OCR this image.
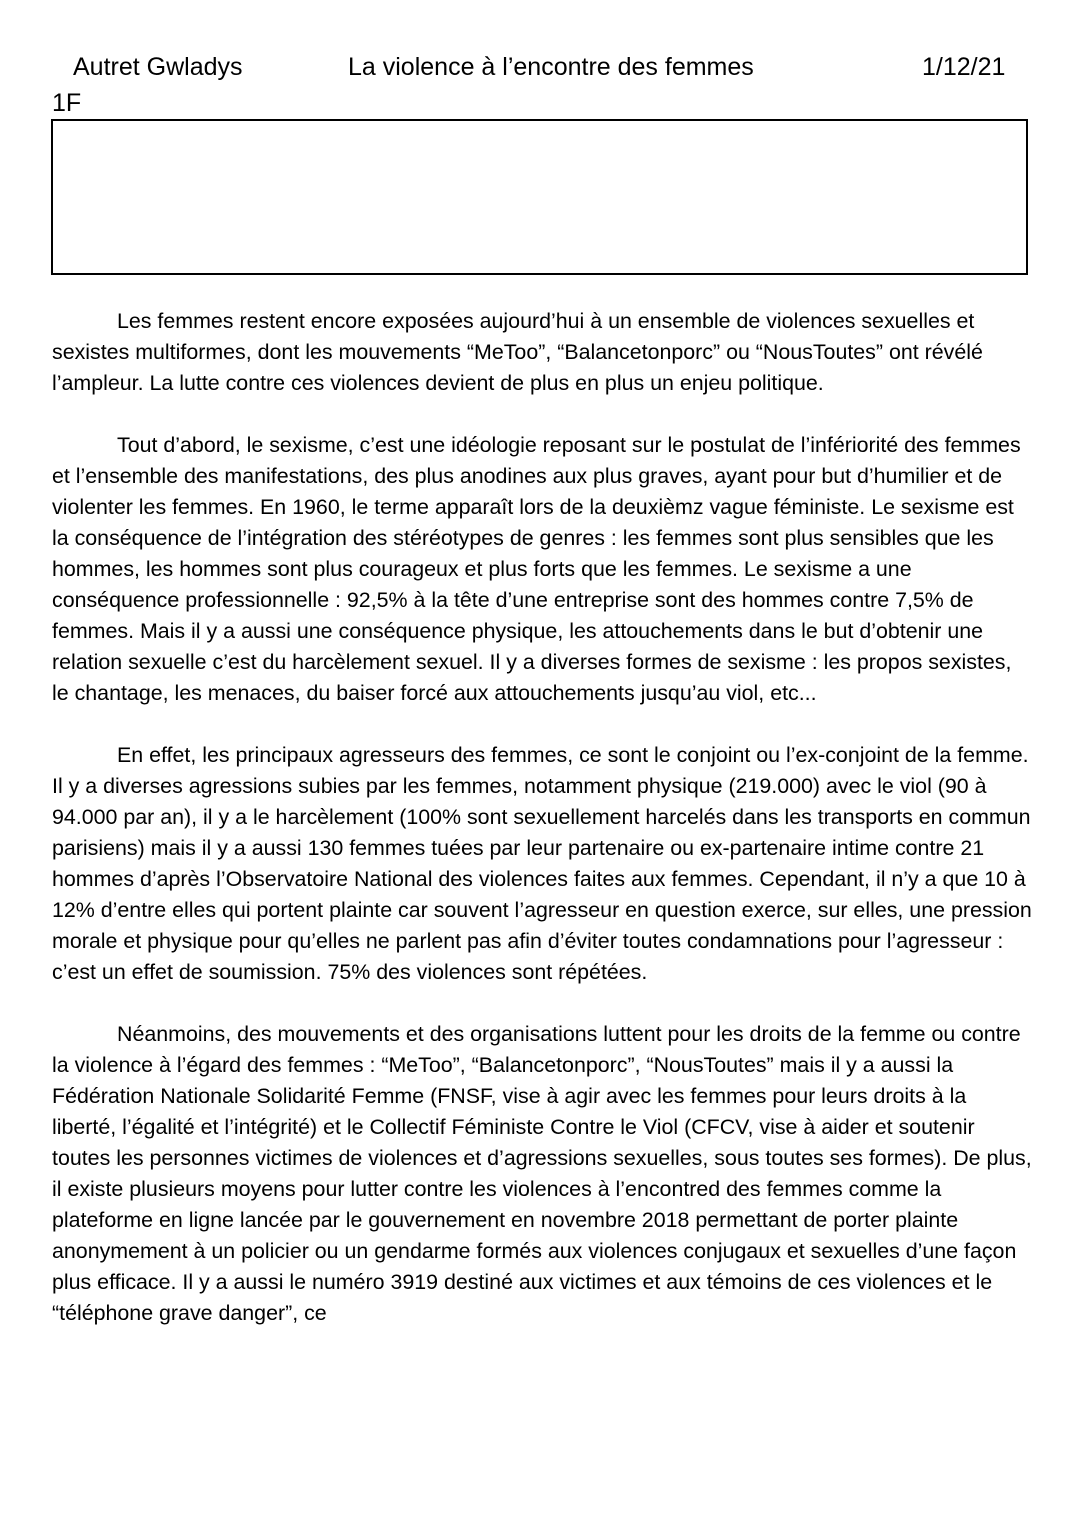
Autret Gwladys	La violence à l’encontre des femmes	1/12/21
1F

Les femmes restent encore exposées aujourd’hui à un ensemble de violences sexuelles et sexistes multiformes, dont les mouvements “MeToo”, “Balancetonporc” ou “NousToutes” ont révélé l’ampleur. La lutte contre ces violences devient de plus en plus un enjeu politique.

Tout d’abord, le sexisme, c’est une idéologie reposant sur le postulat de l’infériorité des femmes et l’ensemble des manifestations, des plus anodines aux plus graves, ayant pour but d’humilier et de violenter les femmes. En 1960, le terme apparaît lors de la deuxièmz vague féministe. Le sexisme est la conséquence de l’intégration des stéréotypes de genres : les femmes sont plus sensibles que les hommes, les hommes sont plus courageux et plus forts que les femmes. Le sexisme a une conséquence professionnelle : 92,5% à la tête d’une entreprise sont des hommes contre 7,5% de femmes. Mais il y a aussi une conséquence physique, les attouchements dans le but d’obtenir une relation sexuelle c’est du harcèlement sexuel. Il y a diverses formes de sexisme : les propos sexistes, le chantage, les menaces, du baiser forcé aux attouchements jusqu’au viol, etc...

En effet, les principaux agresseurs des femmes, ce sont le conjoint ou l’ex-conjoint de la femme. Il y a diverses agressions subies par les femmes, notamment physique (219.000) avec le viol (90 à 94.000 par an), il y a le harcèlement (100% sont sexuellement harcelés dans les transports en commun parisiens) mais il y a aussi 130 femmes tuées par leur partenaire ou ex-partenaire intime contre 21 hommes d’après l’Observatoire National des violences faites aux femmes. Cependant, il n’y a que 10 à 12% d’entre elles qui portent plainte car souvent l’agresseur en question exerce, sur elles, une pression morale et physique pour qu’elles ne parlent pas afin d’éviter toutes condamnations pour l’agresseur : c’est un effet de soumission. 75% des violences sont répétées.

Néanmoins, des mouvements et des organisations luttent pour les droits de la femme ou contre la violence à l’égard des femmes : “MeToo”, “Balancetonporc”, “NousToutes” mais il y a aussi la Fédération Nationale Solidarité Femme (FNSF, vise à agir avec les femmes pour leurs droits à la liberté, l’égalité et l’intégrité) et le Collectif Féministe Contre le Viol (CFCV, vise à aider et soutenir toutes les personnes victimes de violences et d’agressions sexuelles, sous toutes ses formes). De plus, il existe plusieurs moyens pour lutter contre les violences à l’encontred des femmes comme la plateforme en ligne lancée par le gouvernement en novembre 2018 permettant de porter plainte anonymement à un policier ou un gendarme formés aux violences conjugaux et sexuelles d’une façon plus efficace. Il y a aussi le numéro 3919 destiné aux victimes et aux témoins de ces violences et le “téléphone grave danger”, ce
